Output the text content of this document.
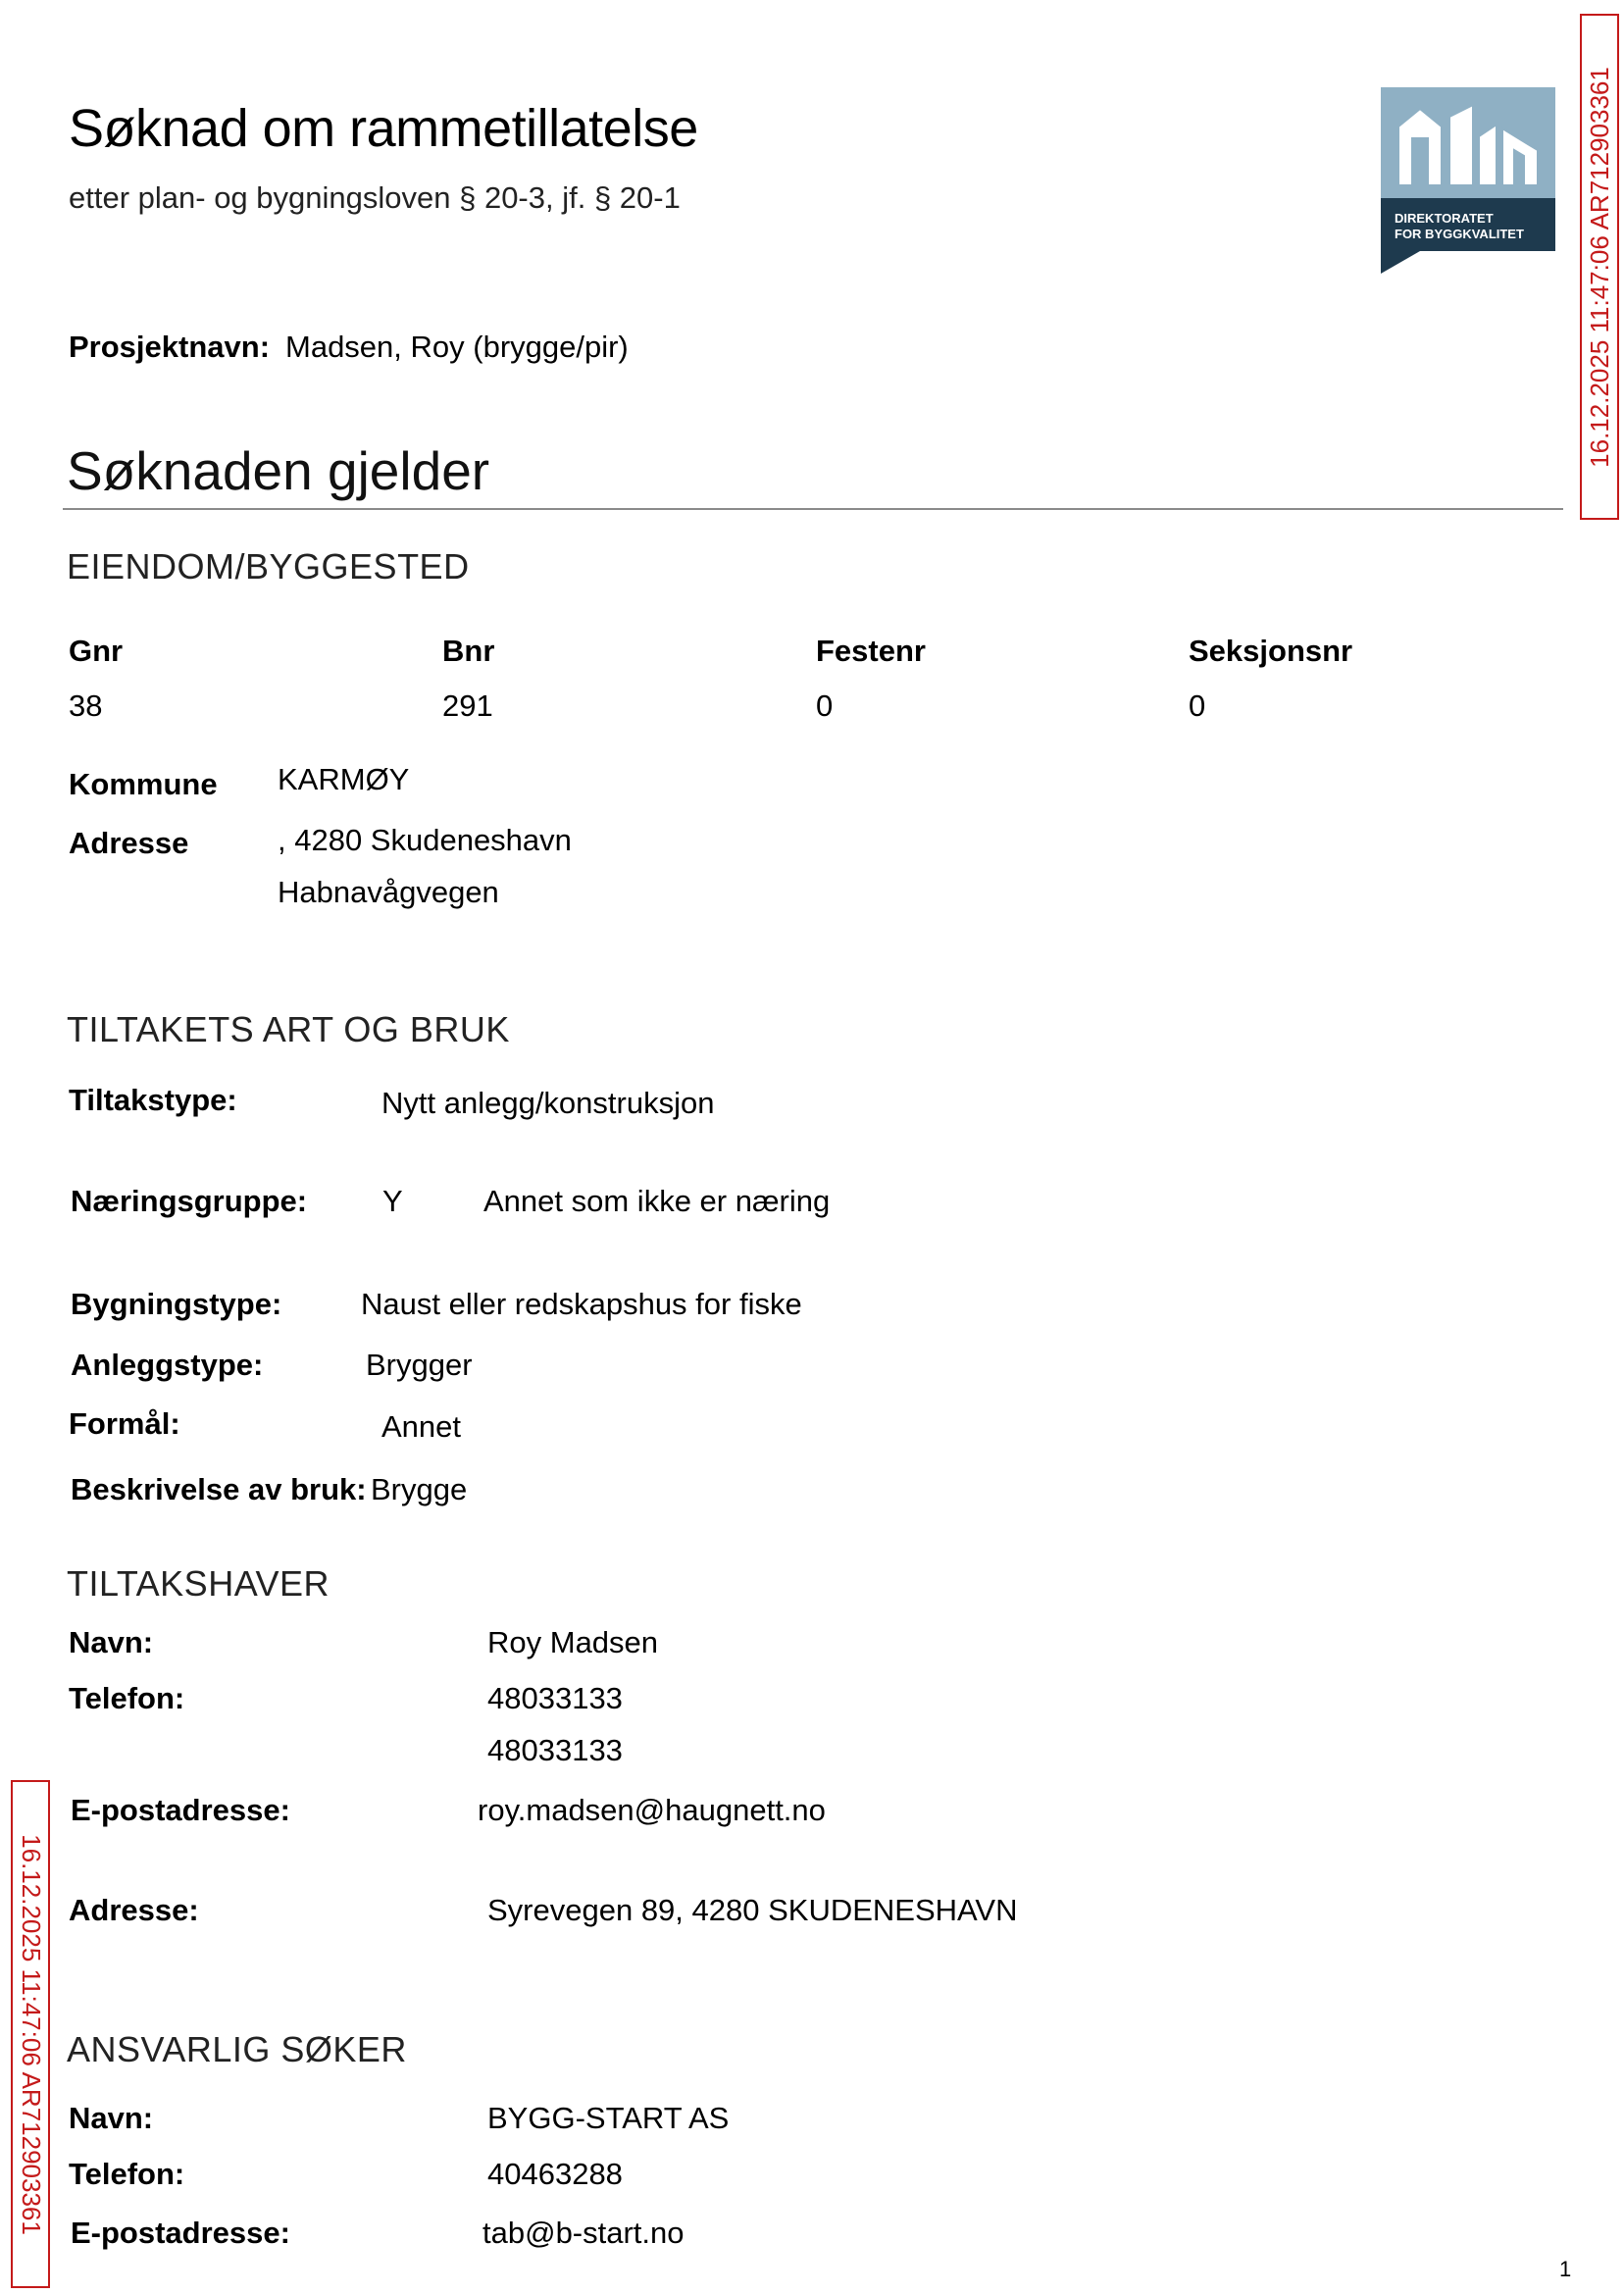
Søknad om rammetillatelse
etter plan- og bygningsloven § 20-3, jf. § 20-1
DIREKTORATET
FOR BYGGKVALITET 16.12.2025 11:47:06 AR712903361
16.12.2025 11:47:06 AR712903361
Prosjektnavn: Madsen, Roy (brygge/pir)
Søknaden gjelder
EIENDOM/BYGGESTED
Gnr	Bnr	Festenr	Seksjonsnr
38	291	0	0
Kommune KARMØY
Adresse	, 4280 Skudeneshavn
Habnavågvegen
TILTAKETS ART OG BRUK
Tiltakstype:	Nytt anlegg/konstruksjon
Næringsgruppe: Y	Annet som ikke er næring
Bygningstype:	Naust eller redskapshus for fiske
Anleggstype:	Brygger
Formål:	Annet
Beskrivelse av bruk: Brygge
TILTAKSHAVER
Navn:	Roy Madsen
Telefon:	48033133
48033133
E-postadresse:	roy.madsen@haugnett.no
Adresse:	Syrevegen 89, 4280 SKUDENESHAVN
ANSVARLIG SØKER
Navn:	BYGG-START AS
Telefon:	40463288
E-postadresse:	tab@b-start.no
1
